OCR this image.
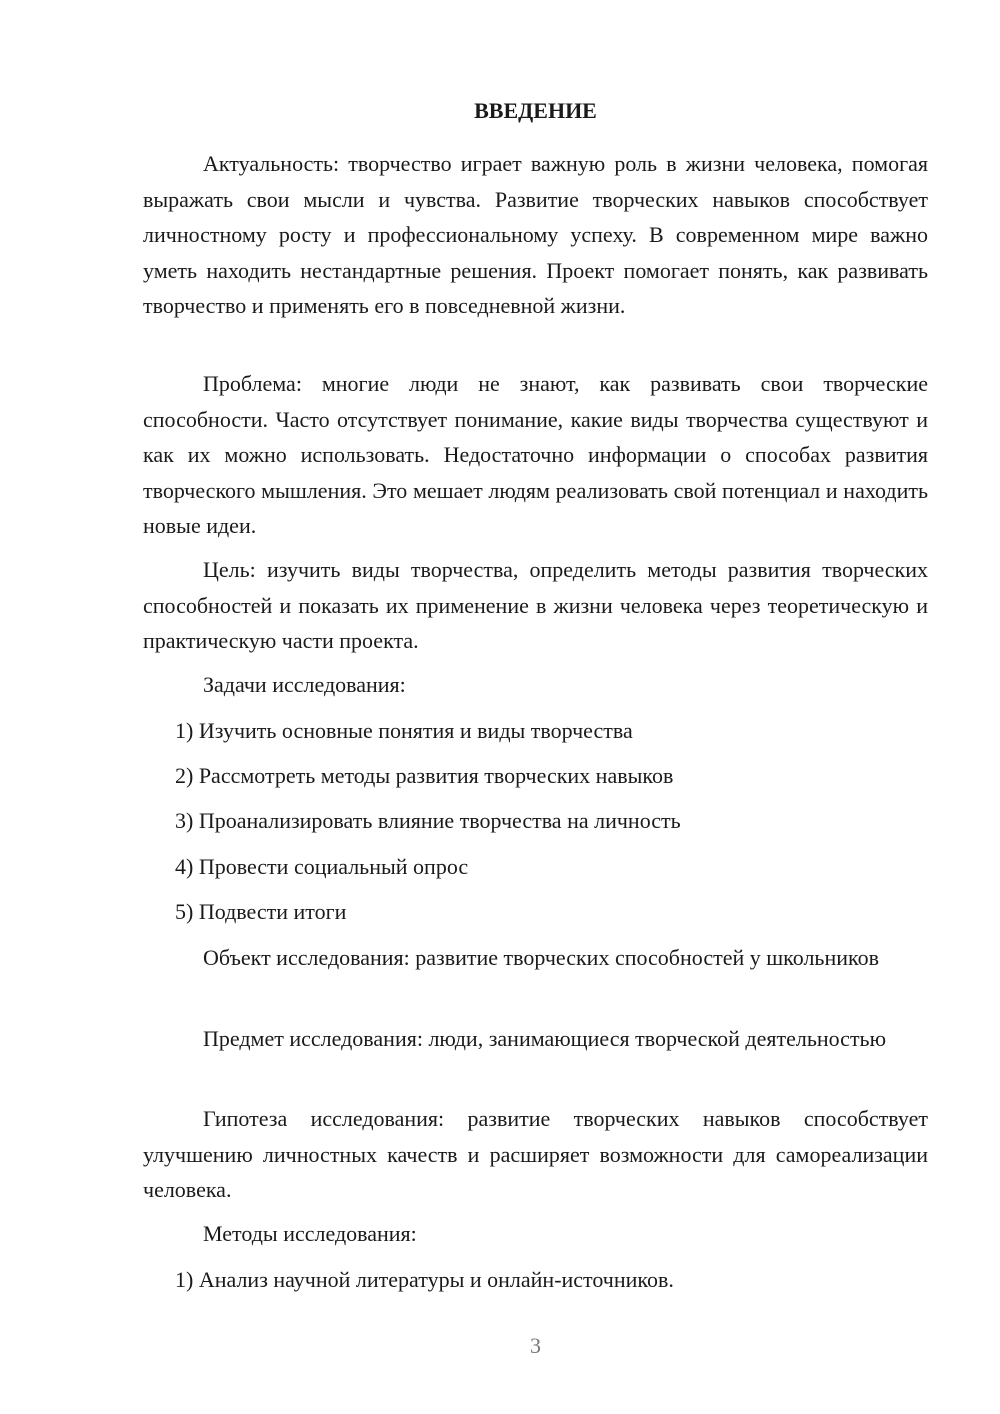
ВВЕДЕНИЕ

Актуальность: творчество играет важную роль в жизни человека, помогая выражать свои мысли и чувства. Развитие творческих навыков способствует личностному росту и профессиональному успеху. В современном мире важно уметь находить нестандартные решения. Проект помогает понять, как развивать творчество и применять его в повседневной жизни.

Проблема: многие люди не знают, как развивать свои творческие способности. Часто отсутствует понимание, какие виды творчества существуют и как их можно использовать. Недостаточно информации о способах развития творческого мышления. Это мешает людям реализовать свой потенциал и находить новые идеи.

Цель: изучить виды творчества, определить методы развития творческих способностей и показать их применение в жизни человека через теоретическую и практическую части проекта.

Задачи исследования:

1) Изучить основные понятия и виды творчества

2) Рассмотреть методы развития творческих навыков

3) Проанализировать влияние творчества на личность

4) Провести социальный опрос

5) Подвести итоги

Объект исследования: развитие творческих способностей у школьников

Предмет исследования: люди, занимающиеся творческой деятельностью

Гипотеза исследования: развитие творческих навыков способствует улучшению личностных качеств и расширяет возможности для самореализации человека.

Методы исследования:

1) Анализ научной литературы и онлайн-источников.

3
